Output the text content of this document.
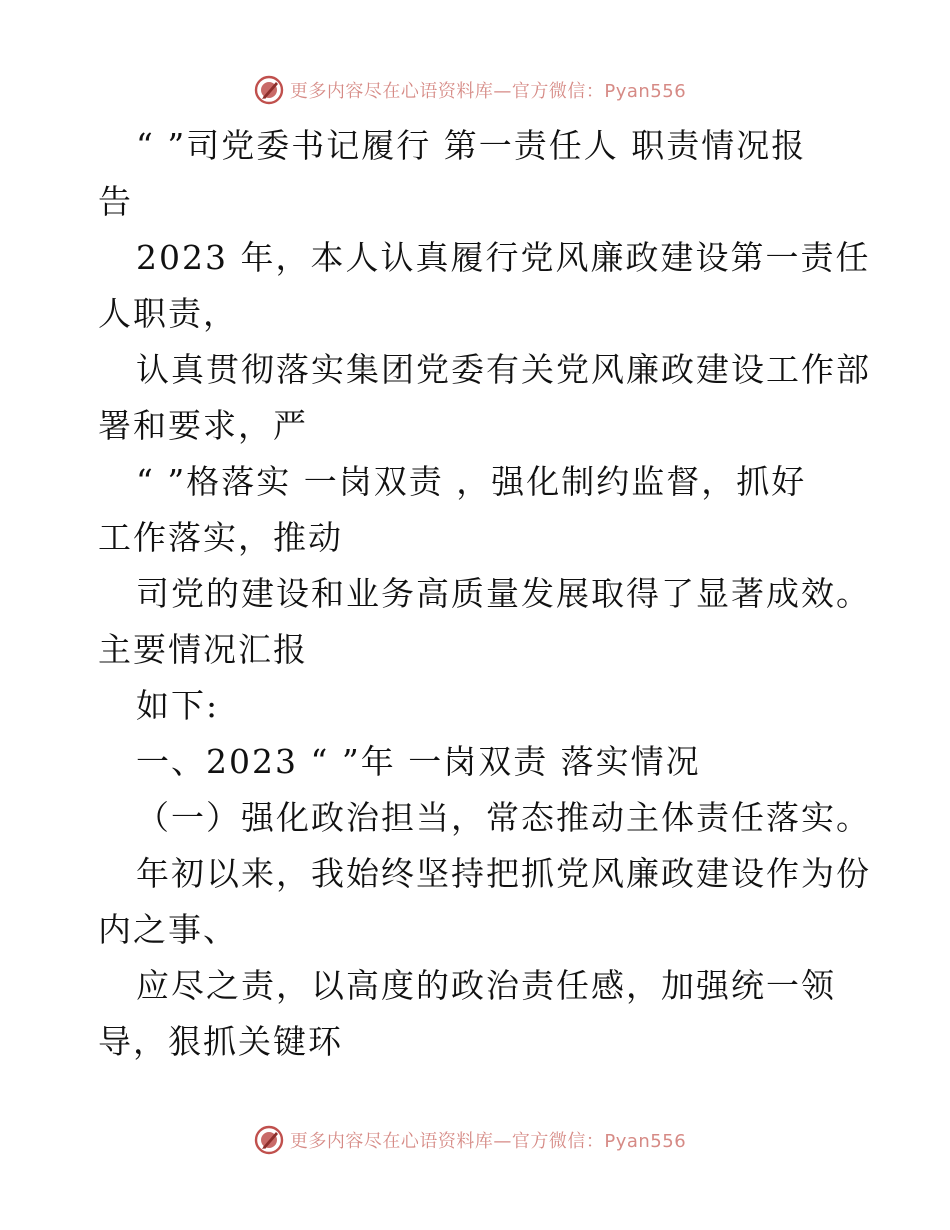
更多内容尽在心语资料库—官方微信：Pyan556
“ ”司党委书记履行 第一责任人 职责情况报
告
2023 年，本人认真履行党风廉政建设第一责任
人职责，
认真贯彻落实集团党委有关党风廉政建设工作部
署和要求，严
“ ”格落实 一岗双责 ，强化制约监督，抓好
工作落实，推动
司党的建设和业务高质量发展取得了显著成效。
主要情况汇报
如下:
一、2023 “ ”年 一岗双责 落实情况
（一）强化政治担当，常态推动主体责任落实。
年初以来，我始终坚持把抓党风廉政建设作为份
内之事、
应尽之责，以高度的政治责任感，加强统一领
导，狠抓关键环
更多内容尽在心语资料库—官方微信：Pyan556
